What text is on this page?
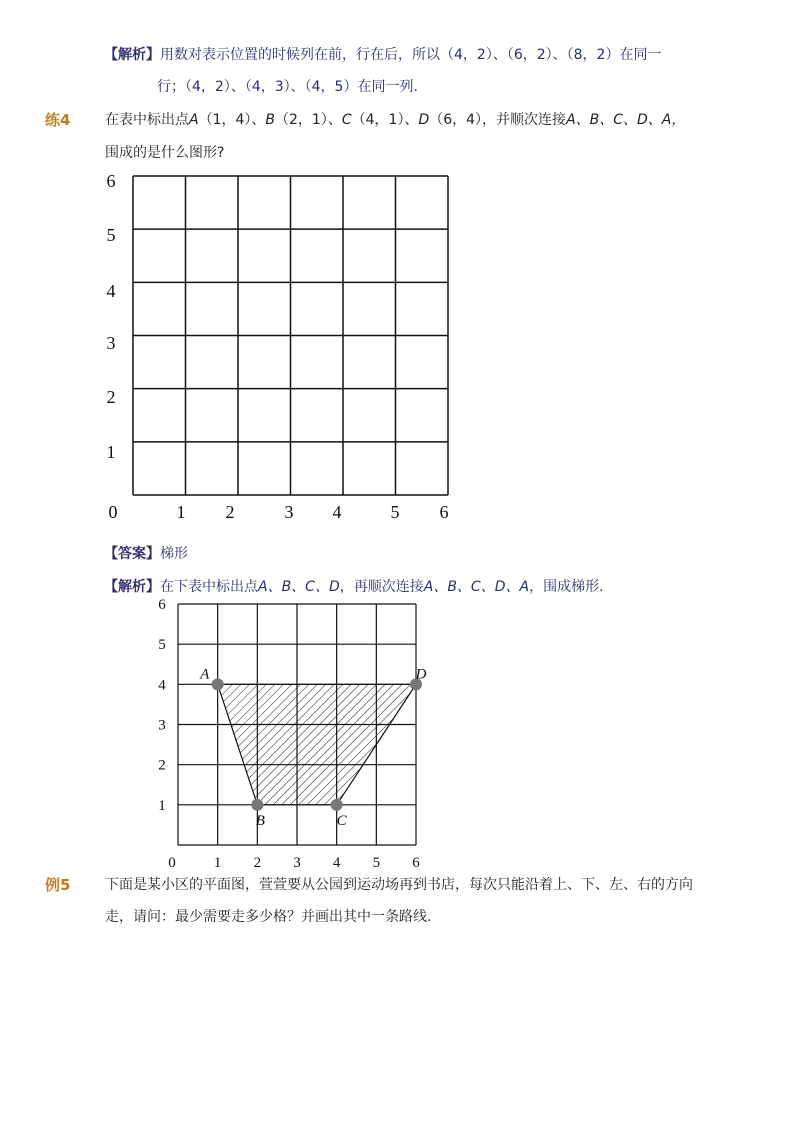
【解析】用数对表示位置的时候列在前，行在后，所以（4，2）、（6，2）、（8，2）在同一
行；（4，2）、（4，3）、（4，5）在同一列.
练4 在表中标出点A（1，4）、B（2，1）、C（4，1）、D（6，4），并顺次连接A、B、C、D、A，
围成的是什么图形?
0	1 2	3 4	5 6
1
2
3
4
5
6
【答案】梯形
【解析】在下表中标出点A、B、C、D，再顺次连接A、B、C、D、A，围成梯形.
0	1 2 3 4 5 6
1
2
3
4
5
6
A
B	C
D
例5 下面是某小区的平面图，萱萱要从公园到运动场再到书店，每次只能沿着上、下、左、右的方向
走，请问：最少需要走多少格？并画出其中一条路线.
